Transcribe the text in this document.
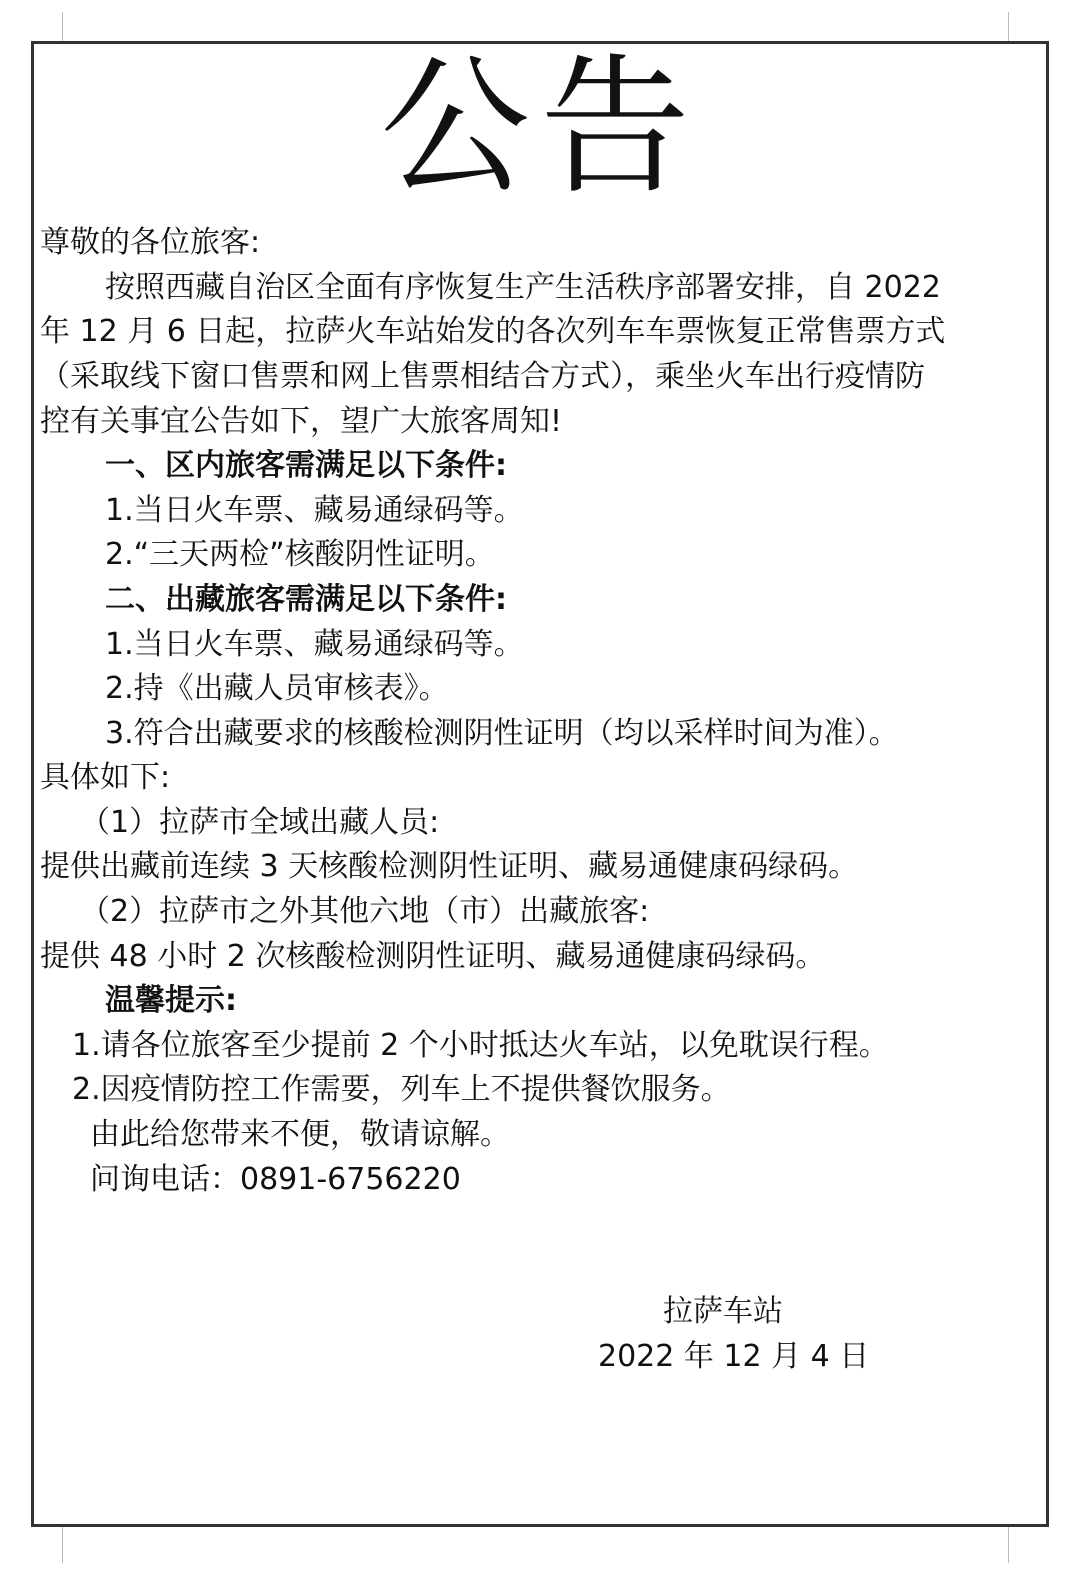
公告
尊敬的各位旅客:
按照西藏自治区全面有序恢复生产生活秩序部署安排，自 2022
年 12 月 6 日起，拉萨火车站始发的各次列车车票恢复正常售票方式
（采取线下窗口售票和网上售票相结合方式），乘坐火车出行疫情防
控有关事宜公告如下，望广大旅客周知!
一、区内旅客需满足以下条件:
1.当日火车票、藏易通绿码等。
2.“三天两检”核酸阴性证明。
二、出藏旅客需满足以下条件:
1.当日火车票、藏易通绿码等。
2.持《出藏人员审核表》。
3.符合出藏要求的核酸检测阴性证明（均以采样时间为准）。
具体如下:
（1）拉萨市全域出藏人员:
提供出藏前连续 3 天核酸检测阴性证明、藏易通健康码绿码。
（2）拉萨市之外其他六地（市）出藏旅客:
提供 48 小时 2 次核酸检测阴性证明、藏易通健康码绿码。
温馨提示:
1.请各位旅客至少提前 2 个小时抵达火车站，以免耽误行程。
2.因疫情防控工作需要，列车上不提供餐饮服务。
由此给您带来不便，敬请谅解。
问询电话：0891-6756220
拉萨车站
2022 年 12 月 4 日
